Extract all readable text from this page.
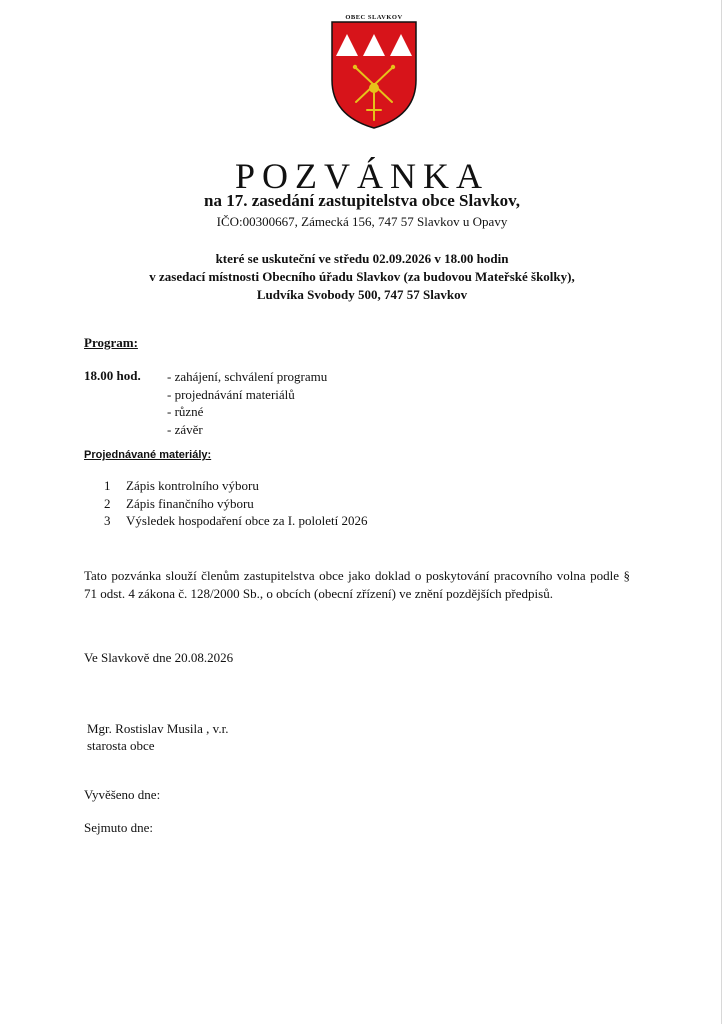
OBEC SLAVKOV
POZVÁNKA

na 17. zasedání zastupitelstva obce Slavkov,

IČO:00300667, Zámecká 156, 747 57 Slavkov u Opavy

které se uskuteční ve středu 02.09.2026 v 18.00 hodin

v zasedací místnosti Obecního úřadu Slavkov (za budovou Mateřské školky),

Ludvíka Svobody 500, 747 57 Slavkov

Program:

18.00 hod. - zahájení, schválení programu
- projednávání materiálů
- různé
- závěr

Projednávané materiály:

1 Zápis kontrolního výboru
2 Zápis finančního výboru
3 Výsledek hospodaření obce za I. pololetí 2026

Tato pozvánka slouží členům zastupitelstva obce jako doklad o poskytování pracovního volna podle § 71 odst. 4 zákona č. 128/2000 Sb., o obcích (obecní zřízení) ve znění pozdějších předpisů.

Ve Slavkově dne 20.08.2026

Mgr. Rostislav Musila , v.r.
starosta obce

Vyvěšeno dne:

Sejmuto dne:
